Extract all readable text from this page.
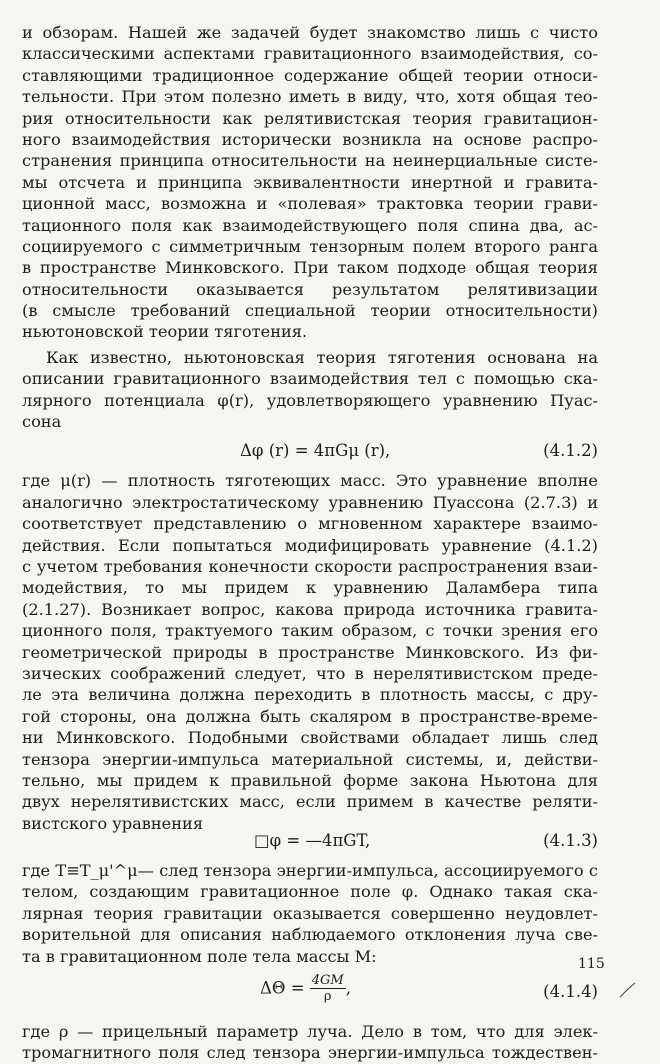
и обзорам. Нашей же задачей будет знакомство лишь с чисто
классическими аспектами гравитационного взаимодействия, со-
ставляющими традиционное содержание общей теории относи-
тельности. При этом полезно иметь в виду, что, хотя общая тео-
рия относительности как релятивистская теория гравитацион-
ного взаимодействия исторически возникла на основе распро-
странения принципа относительности на неинерциальные систе-
мы отсчета и принципа эквивалентности инертной и гравита-
ционной масс, возможна и «полевая» трактовка теории грави-
тационного поля как взаимодействующего поля спина два, ас-
социируемого с симметричным тензорным полем второго ранга
в пространстве Минковского. При таком подходе общая теория
относительности оказывается результатом релятивизации
(в смысле требований специальной теории относительности)
ньютоновской теории тяготения.
Как известно, ньютоновская теория тяготения основана на
описании гравитационного взаимодействия тел с помощью ска-
лярного потенциала φ(r), удовлетворяющего уравнению Пуас-
сона
Δφ (r) = 4πGμ (r),	(4.1.2)
где μ(r) — плотность тяготеющих масс. Это уравнение вполне
аналогично электростатическому уравнению Пуассона (2.7.3) и
соответствует представлению о мгновенном характере взаимо-
действия. Если попытаться модифицировать уравнение (4.1.2)
с учетом требования конечности скорости распространения взаи-
модействия, то мы придем к уравнению Даламбера типа
(2.1.27). Возникает вопрос, какова природа источника гравита-
ционного поля, трактуемого таким образом, с точки зрения его
геометрической природы в пространстве Минковского. Из фи-
зических соображений следует, что в нерелятивистском преде-
ле эта величина должна переходить в плотность массы, с дру-
гой стороны, она должна быть скаляром в пространстве-време-
ни Минковского. Подобными свойствами обладает лишь след
тензора энергии-импульса материальной системы, и, действи-
тельно, мы придем к правильной форме закона Ньютона для
двух нерелятивистских масс, если примем в качестве реляти-
вистского уравнения
□φ = —4πGT,	(4.1.3)
где T≡T_μ'^μ— след тензора энергии-импульса, ассоциируемого с
телом, создающим гравитационное поле φ. Однако такая ска-
лярная теория гравитации оказывается совершенно неудовлет-
ворительной для описания наблюдаемого отклонения луча све-
та в гравитационном поле тела массы M:
$\Delta\Theta = \frac{4GM}{\rho}$ ,	(4.1.4)
где ρ — прицельный параметр луча. Дело в том, что для элек-
тромагнитного поля след тензора энергии-импульса тождествен-
115
